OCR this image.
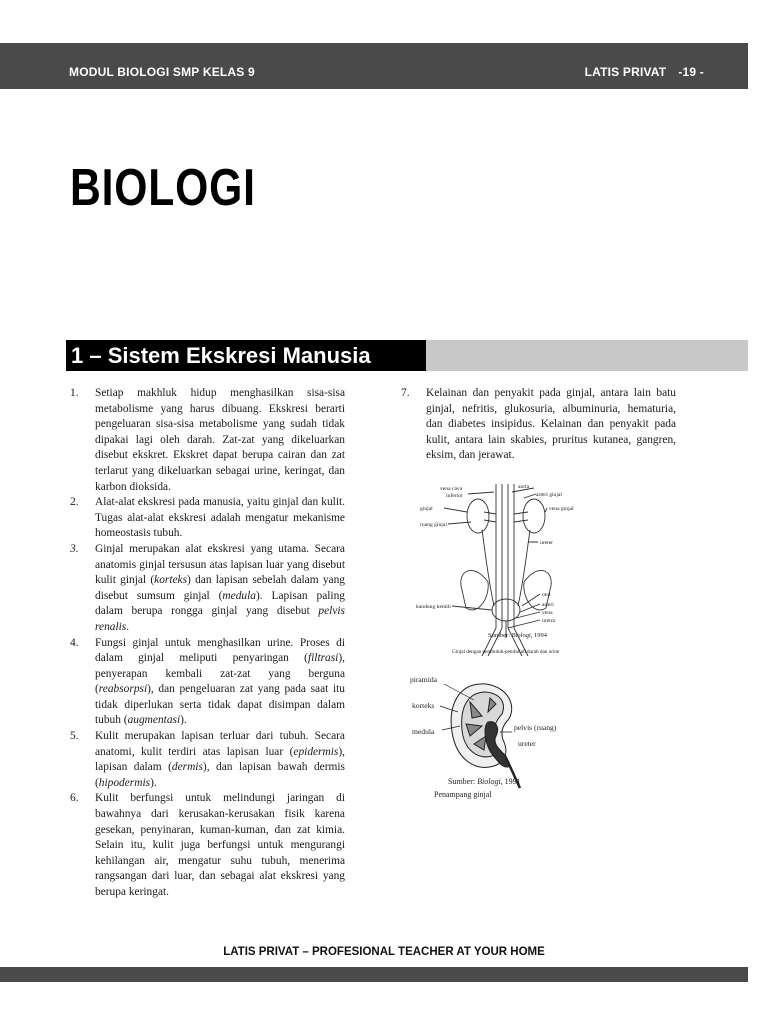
MODUL BIOLOGI SMP KELAS 9	LATIS PRIVAT -19 -
BIOLOGI
1 – Sistem Ekskresi Manusia
1. Setiap makhluk hidup menghasilkan sisa-sisa metabolisme yang harus dibuang. Ekskresi berarti pengeluaran sisa-sisa metabolisme yang sudah tidak dipakai lagi oleh darah. Zat-zat yang dikeluarkan disebut ekskret. Ekskret dapat berupa cairan dan zat terlarut yang dikeluarkan sebagai urine, keringat, dan karbon dioksida.
2. Alat-alat ekskresi pada manusia, yaitu ginjal dan kulit. Tugas alat-alat ekskresi adalah mengatur mekanisme homeostasis tubuh.
3. Ginjal merupakan alat ekskresi yang utama. Secara anatomis ginjal tersusun atas lapisan luar yang disebut kulit ginjal (korteks) dan lapisan sebelah dalam yang disebut sumsum ginjal (medula). Lapisan paling dalam berupa rongga ginjal yang disebut pelvis renalis.
4. Fungsi ginjal untuk menghasilkan urine. Proses di dalam ginjal meliputi penyaringan (filtrasi), penyerapan kembali zat-zat yang berguna (reabsorpsi), dan pengeluaran zat yang pada saat itu tidak diperlukan serta tidak dapat disimpan dalam tubuh (augmentasi).
5. Kulit merupakan lapisan terluar dari tubuh. Secara anatomi, kulit terdiri atas lapisan luar (epidermis), lapisan dalam (dermis), dan lapisan bawah dermis (hipodermis).
6. Kulit berfungsi untuk melindungi jaringan di bawahnya dari kerusakan-kerusakan fisik karena gesekan, penyinaran, kuman-kuman, dan zat kimia. Selain itu, kulit juga berfungsi untuk mengurangi kehilangan air, mengatur suhu tubuh, menerima rangsangan dari luar, dan sebagai alat ekskresi yang berupa keringat.
7. Kelainan dan penyakit pada ginjal, antara lain batu ginjal, nefritis, glukosuria, albuminuria, hematuria, dan diabetes insipidus. Kelainan dan penyakit pada kulit, antara lain skabies, pruritus kutanea, gangren, eksim, dan jerawat.
vena cava
inferior
aorta
arteri ginjal
ginjal	vena ginjal
ruang ginjal
ureter
otot
kandung kemih	arteri
vena
uretra
Sumber: Biologi, 1994
Ginjal dengan pembuluh-pembuluh darah dan urine
piramida
korteks
medula	pelvis (ruang)
ureter
Sumber: Biologi, 1991
Penampang ginjal
LATIS PRIVAT – PROFESIONAL TEACHER AT YOUR HOME
